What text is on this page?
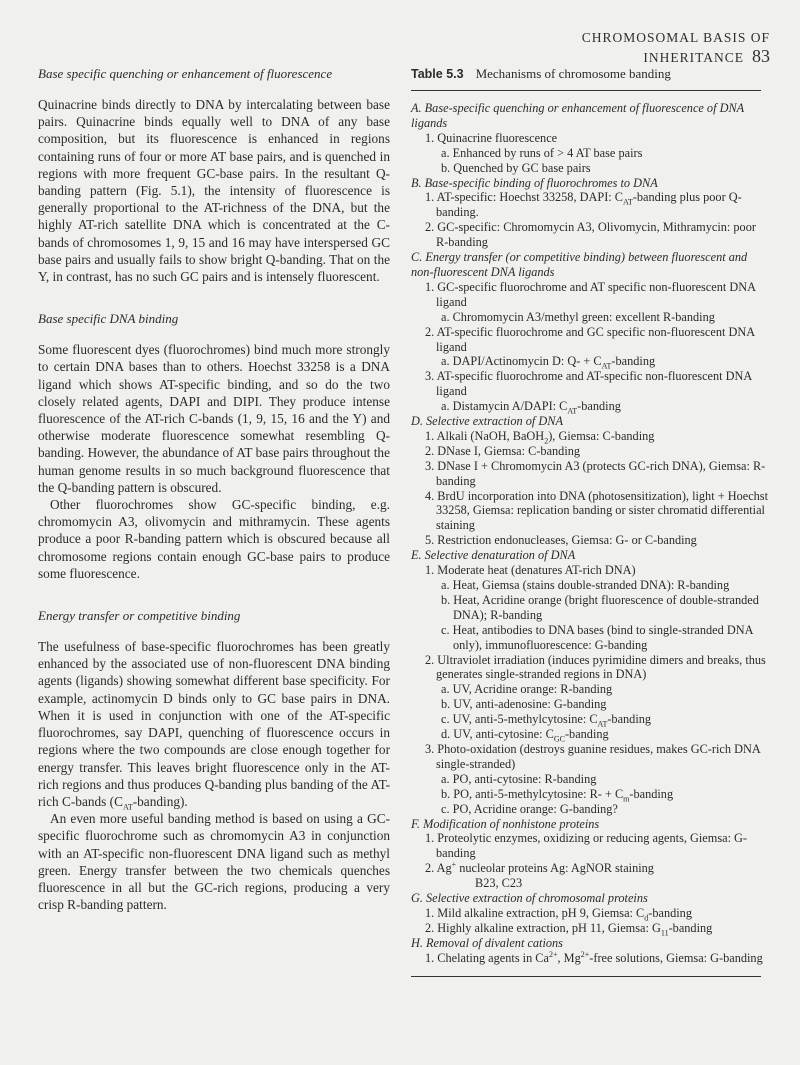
CHROMOSOMAL BASIS OF INHERITANCE 83
Base specific quenching or enhancement of fluorescence

Quinacrine binds directly to DNA by intercalating between base pairs. Quinacrine binds equally well to DNA of any base composition, but its fluorescence is enhanced in regions containing runs of four or more AT base pairs, and is quenched in regions with more frequent GC-base pairs. In the resultant Q-banding pattern (Fig. 5.1), the intensity of fluorescence is generally proportional to the AT-richness of the DNA, but the highly AT-rich satellite DNA which is concentrated at the C-bands of chromosomes 1, 9, 15 and 16 may have interspersed GC base pairs and usually fails to show bright Q-banding. That on the Y, in contrast, has no such GC pairs and is intensely fluorescent.

Base specific DNA binding

Some fluorescent dyes (fluorochromes) bind much more strongly to certain DNA bases than to others. Hoechst 33258 is a DNA ligand which shows AT-specific binding, and so do the two closely related agents, DAPI and DIPI. They produce intense fluorescence of the AT-rich C-bands (1, 9, 15, 16 and the Y) and otherwise moderate fluorescence somewhat resembling Q-banding. However, the abundance of AT base pairs throughout the human genome results in so much background fluorescence that the Q-banding pattern is obscured.

Other fluorochromes show GC-specific binding, e.g. chromomycin A3, olivomycin and mithramycin. These agents produce a poor R-banding pattern which is obscured because all chromosome regions contain enough GC-base pairs to produce some fluorescence.

Energy transfer or competitive binding

The usefulness of base-specific fluorochromes has been greatly enhanced by the associated use of non-fluorescent DNA binding agents (ligands) showing somewhat different base specificity. For example, actinomycin D binds only to GC base pairs in DNA. When it is used in conjunction with one of the AT-specific fluorochromes, say DAPI, quenching of fluorescence occurs in regions where the two compounds are close enough together for energy transfer. This leaves bright fluorescence only in the AT-rich regions and thus produces Q-banding plus banding of the AT-rich C-bands $(C_{AT}-banding)$.

An even more useful banding method is based on using a GC-specific fluorochrome such as chromomycin A3 in conjunction with an AT-specific non-fluorescent DNA ligand such as methyl green. Energy transfer between the two chemicals quenches fluorescence in all but the GC-rich regions, producing a very crisp R-banding pattern.

Table 5.3 Mechanisms of chromosome banding
A. Base-specific quenching or enhancement of fluorescence of DNA ligands
1. Quinacrine fluorescence
a. Enhanced by runs of > 4 AT base pairs
b. Quenched by GC base pairs
B. Base-specific binding of fluorochromes to DNA
1. AT-specific: Hoechst 33258, DAPI: $C_{AT}$-banding plus poor Q-banding.
2. GC-specific: Chromomycin A3, Olivomycin, Mithramycin: poor R-banding
C. Energy transfer (or competitive binding) between fluorescent and non-fluorescent DNA ligands
1. GC-specific fluorochrome and AT specific non-fluorescent DNA ligand
a. Chromomycin A3/methyl green: excellent R-banding
2. AT-specific fluorochrome and GC specific non-fluorescent DNA ligand
a. DAPI/Actinomycin D: $Q- + C_{AT}$-banding
3. AT-specific fluorochrome and AT-specific non-fluorescent DNA ligand
a. Distamycin A/DAPI: $C_{AT}$-banding
D. Selective extraction of DNA
1. Alkali (NaOH, BaOH$_2$), Giemsa: C-banding
2. DNase I, Giemsa: C-banding
3. DNase I + Chromomycin A3 (protects GC-rich DNA), Giemsa: R-banding
4. BrdU incorporation into DNA (photosensitization), light + Hoechst 33258, Giemsa: replication banding or sister chromatid differential staining
5. Restriction endonucleases, Giemsa: G- or C-banding
E. Selective denaturation of DNA
1. Moderate heat (denatures AT-rich DNA)
a. Heat, Giemsa (stains double-stranded DNA): R-banding
b. Heat, Acridine orange (bright fluorescence of double-stranded DNA); R-banding
c. Heat, antibodies to DNA bases (bind to single-stranded DNA only), immunofluorescence: G-banding
2. Ultraviolet irradiation (induces pyrimidine dimers and breaks, thus generates single-stranded regions in DNA)
a. UV, Acridine orange: R-banding
b. UV, anti-adenosine: G-banding
c. UV, anti-5-methylcytosine: $C_{AT}$-banding
d. UV, anti-cytosine: $C_{GC}$-banding
3. Photo-oxidation (destroys guanine residues, makes GC-rich DNA single-stranded)
a. PO, anti-cytosine: R-banding
b. PO, anti-5-methylcytosine: $R- + C_m$-banding
c. PO, Acridine orange: G-banding?
F. Modification of nonhistone proteins
1. Proteolytic enzymes, oxidizing or reducing agents, Giemsa: G-banding
2. Ag+ nucleolar proteins Ag: AgNOR staining
B23, C23
G. Selective extraction of chromosomal proteins
1. Mild alkaline extraction, pH 9, Giemsa: $C_d$-banding
2. Highly alkaline extraction, pH 11, Giemsa: $G_{11}$-banding
H. Removal of divalent cations
1. Chelating agents in $Ca^{2+}$, $Mg^{2+}$-free solutions, Giemsa: G-banding
